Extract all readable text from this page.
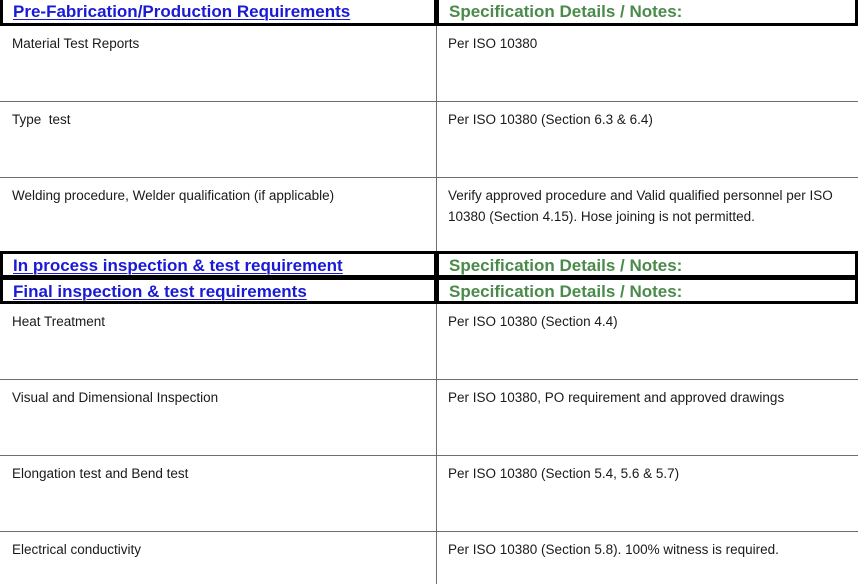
Pre-Fabrication/Production Requirements	Specification Details / Notes:
Material Test Reports	Per ISO 10380
Type  test	Per ISO 10380 (Section 6.3 & 6.4)
Welding procedure, Welder qualification (if applicable)	Verify approved procedure and Valid qualified personnel per ISO 10380 (Section 4.15). Hose joining is not permitted.
In process inspection & test requirement	Specification Details / Notes:
Final inspection & test requirements	Specification Details / Notes:
Heat Treatment	Per ISO 10380 (Section 4.4)
Visual and Dimensional Inspection	Per ISO 10380, PO requirement and approved drawings
Elongation test and Bend test	Per ISO 10380 (Section 5.4, 5.6 & 5.7)
Electrical conductivity	Per ISO 10380 (Section 5.8). 100% witness is required.
